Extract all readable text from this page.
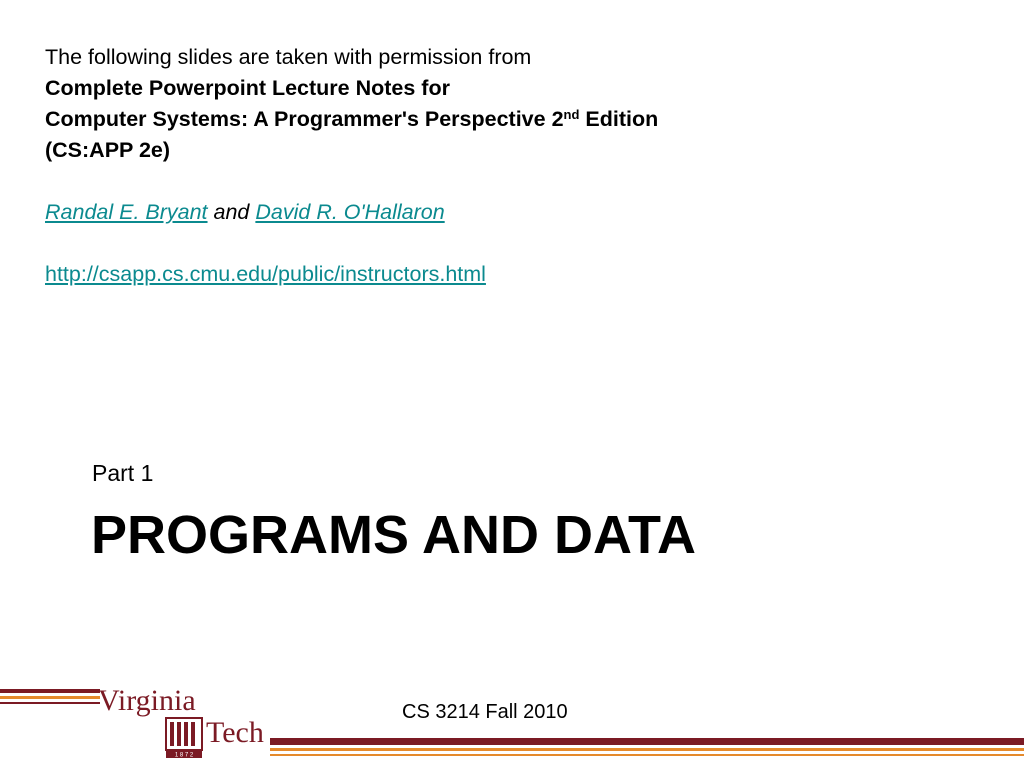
The following slides are taken with permission from
Complete Powerpoint Lecture Notes for
Computer Systems: A Programmer's Perspective 2nd Edition
(CS:APP 2e)
Randal E. Bryant and David R. O'Hallaron
http://csapp.cs.cmu.edu/public/instructors.html
Part 1
PROGRAMS AND DATA
Virginia
1 8 7 2
Tech
CS 3214 Fall 2010
